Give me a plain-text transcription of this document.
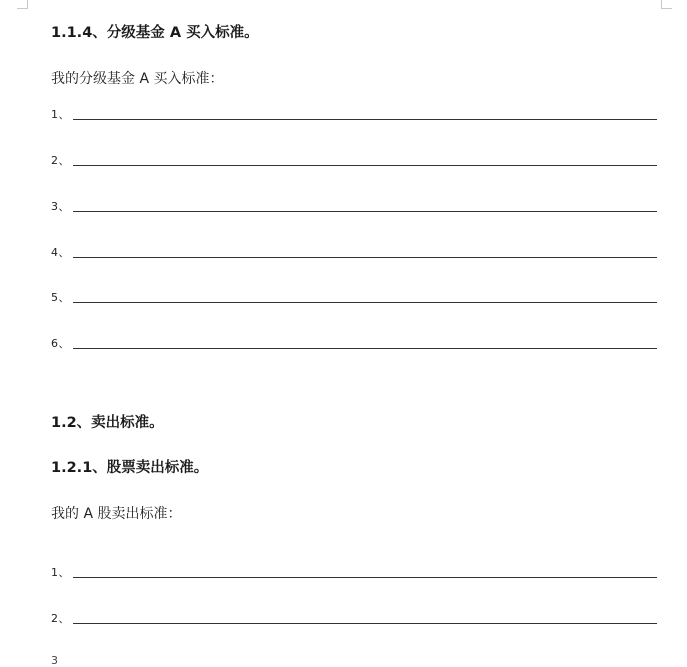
1.1.4、分级基金 A 买入标准。

我的分级基金 A 买入标准：

1、
2、
3、
4、
5、
6、
1.2、卖出标准。
1.2.1、股票卖出标准。

我的 A 股卖出标准：

1、
2、
3
